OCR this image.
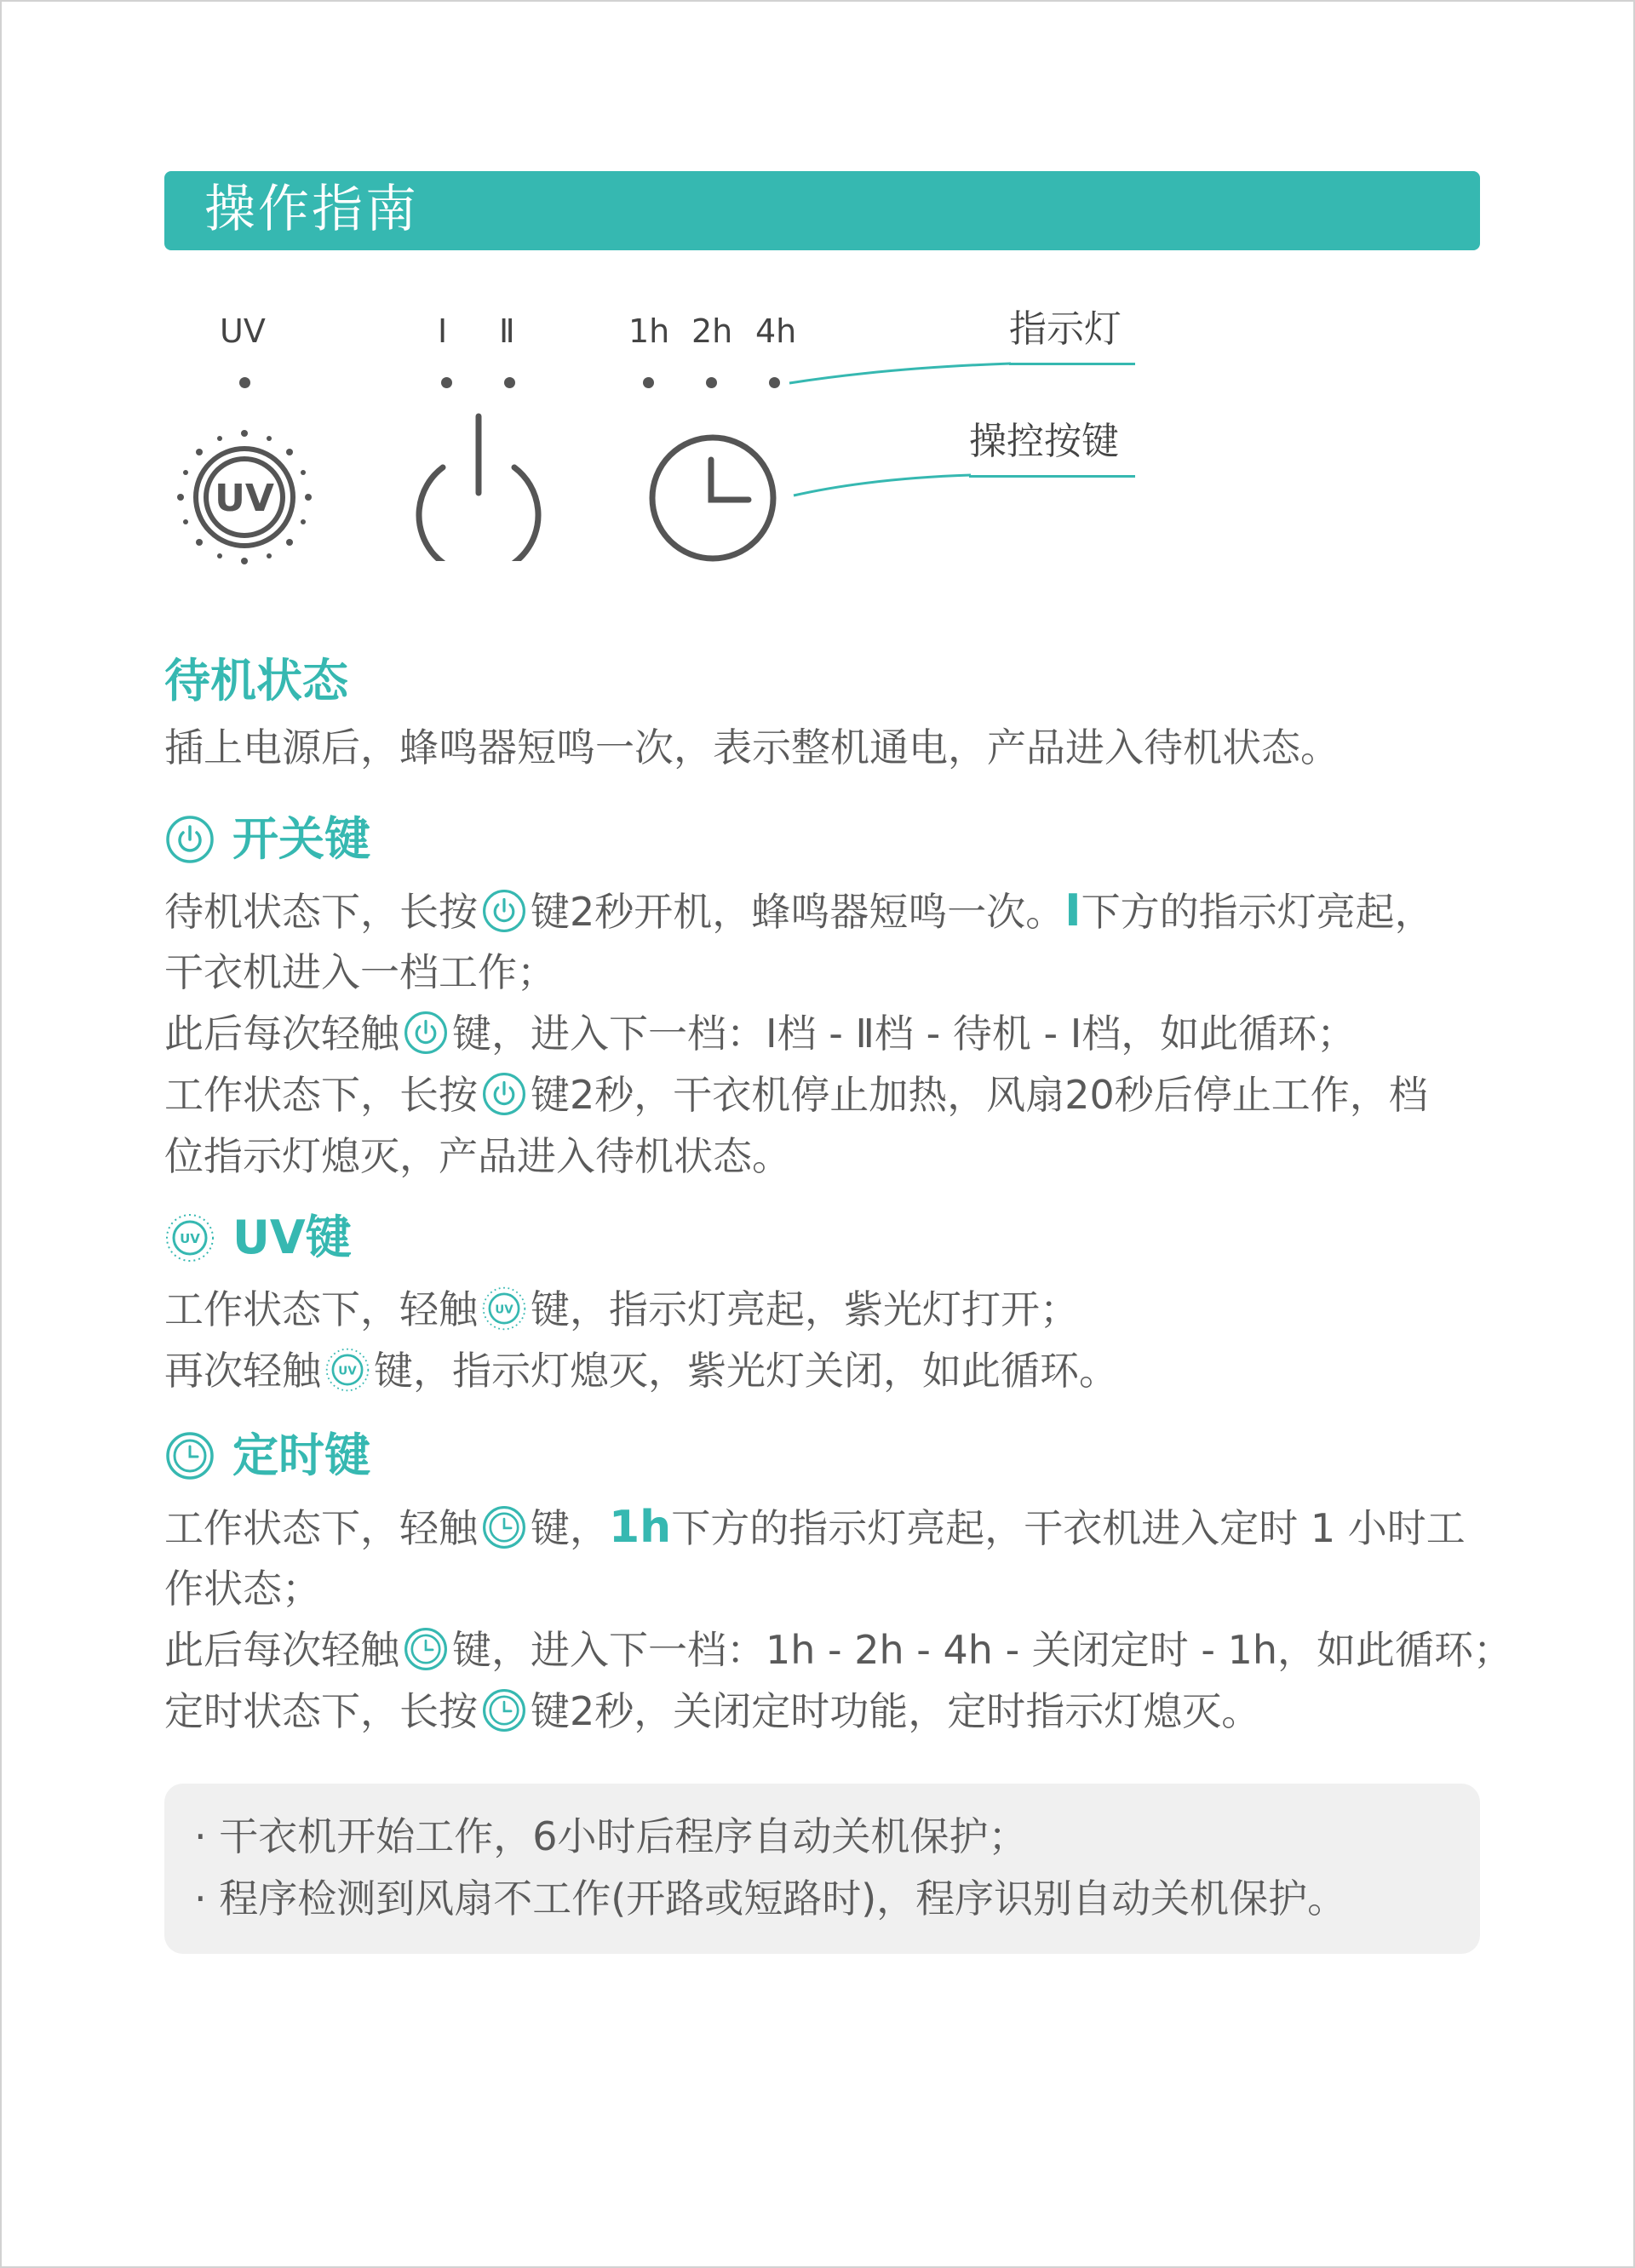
操作指南
UV	Ⅰ Ⅱ	1h 2h 4h	指示灯
操控按键
UV
待机状态
插上电源后，蜂鸣器短鸣一次，表示整机通电，产品进入待机状态。
开关键
待机状态下，长按 键2秒开机，蜂鸣器短鸣一次。Ⅰ下方的指示灯亮起，
干衣机进入一档工作；
此后每次轻触 键，进入下一档：Ⅰ档 - Ⅱ档 - 待机 - Ⅰ档，如此循环；
工作状态下，长按 键2秒，干衣机停止加热，风扇20秒后停止工作，档
位指示灯熄灭，产品进入待机状态。
UV键
工作状态下，轻触 键，指示灯亮起，紫光灯打开；
再次轻触 键，指示灯熄灭，紫光灯关闭，如此循环。
定时键
工作状态下，轻触 键，1h下方的指示灯亮起，干衣机进入定时 1 小时工
作状态；
此后每次轻触 键，进入下一档：1h - 2h - 4h - 关闭定时 - 1h，如此循环；
定时状态下，长按 键2秒，关闭定时功能，定时指示灯熄灭。
· 干衣机开始工作，6小时后程序自动关机保护；
· 程序检测到风扇不工作(开路或短路时)，程序识别自动关机保护。
